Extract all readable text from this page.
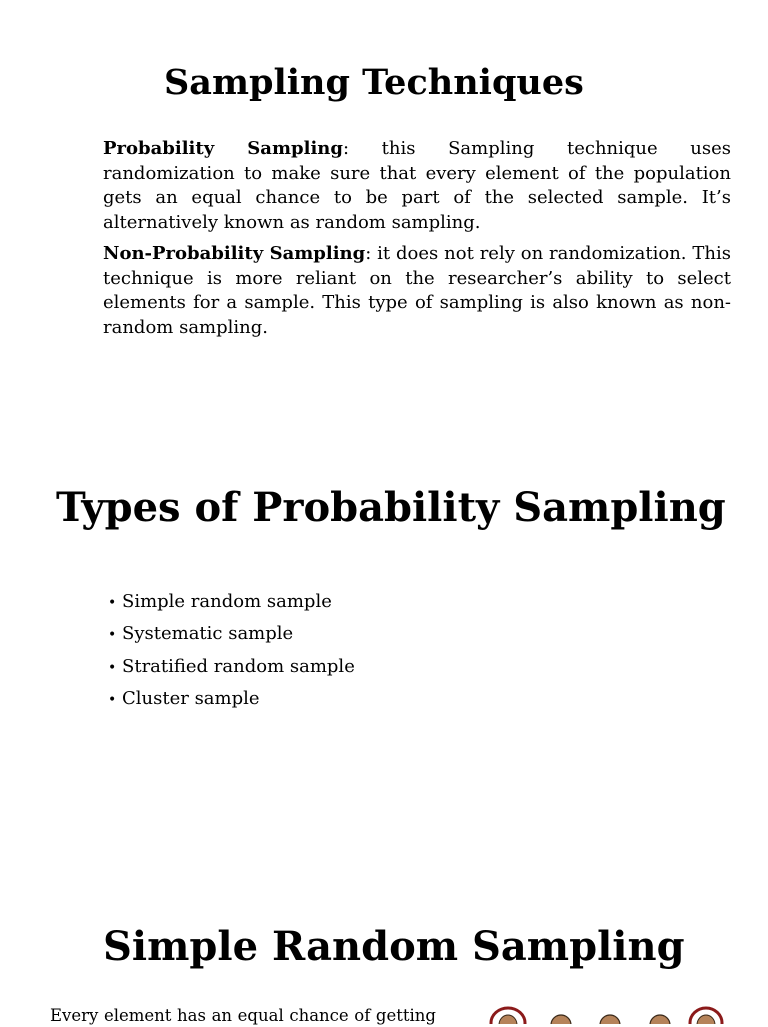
Sampling Techniques

Probability Sampling: this Sampling technique uses randomization to make sure that every element of the population gets an equal chance to be part of the selected sample. It’s alternatively known as random sampling.

Non-Probability Sampling: it does not rely on randomization. This technique is more reliant on the researcher’s ability to select elements for a sample. This type of sampling is also known as non-random sampling.

Types of Probability Sampling
• Simple random sample
• Systematic sample
• Stratified random sample
• Cluster sample
Simple Random Sampling

Every element has an equal chance of getting
